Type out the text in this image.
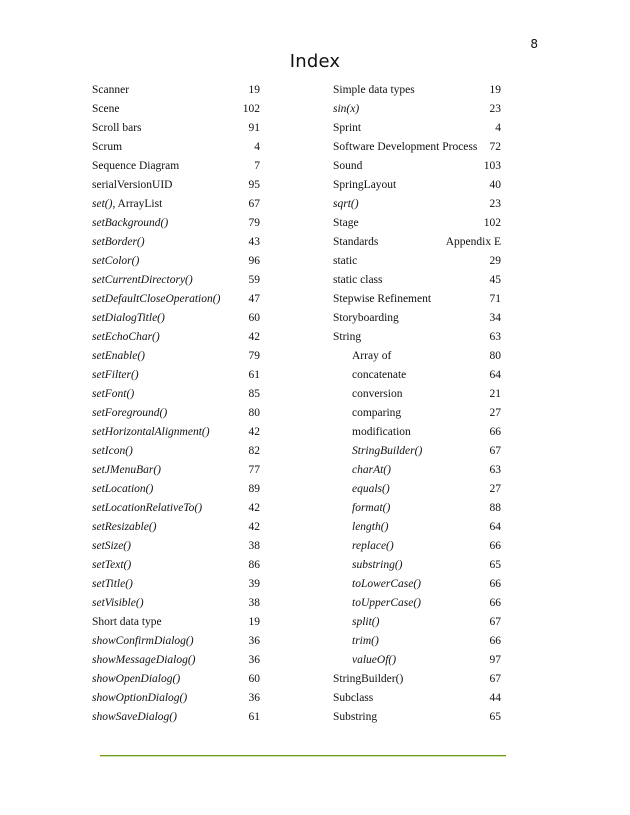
8
Index
Scanner	19
Scene	102
Scroll bars	91
Scrum	4
Sequence Diagram	7
serialVersionUID	95
set(), ArrayList	67
setBackground()	79
setBorder()	43
setColor()	96
setCurrentDirectory()	59
setDefaultCloseOperation() 47
setDialogTitle()	60
setEchoChar()	42
setEnable()	79
setFilter()	61
setFont()	85
setForeground()	80
setHorizontalAlignment()	42
setIcon()	82
setJMenuBar()	77
setLocation()	89
setLocationRelativeTo()	42
setResizable()	42
setSize()	38
setText()	86
setTitle()	39
setVisible()	38
Short data type	19
showConfirmDialog()	36
showMessageDialog()	36
showOpenDialog()	60
showOptionDialog()	36
showSaveDialog()	61
Simple data types	19
sin(x)	23
Sprint	4
Software Development Process 72
Sound	103
SpringLayout	40
sqrt()	23
Stage	102
Standards	Appendix E
static	29
static class	45
Stepwise Refinement	71
Storyboarding	34
String	63
Array of	80
concatenate	64
conversion	21
comparing	27
modification	66
StringBuilder()	67
charAt()	63
equals()	27
format()	88
length()	64
replace()	66
substring()	65
toLowerCase()	66
toUpperCase()	66
split()	67
trim()	66
valueOf()	97
StringBuilder()	67
Subclass	44
Substring	65
